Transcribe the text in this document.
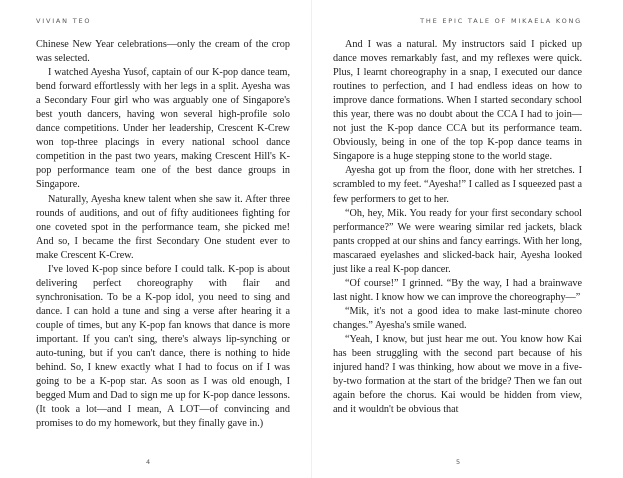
VIVIAN TEO

Chinese New Year celebrations—only the cream of the crop was selected.

I watched Ayesha Yusof, captain of our K-pop dance team, bend forward effortlessly with her legs in a split. Ayesha was a Secondary Four girl who was arguably one of Singapore's best youth dancers, having won several high-profile solo dance competitions. Under her leadership, Crescent K-Crew won top-three placings in every national school dance competition in the past two years, making Crescent Hill's K-pop performance team one of the best dance groups in Singapore.

Naturally, Ayesha knew talent when she saw it. After three rounds of auditions, and out of fifty auditionees fighting for one coveted spot in the performance team, she picked me! And so, I became the first Secondary One student ever to make Crescent K-Crew.

I've loved K-pop since before I could talk. K-pop is about delivering perfect choreography with flair and synchronisation. To be a K-pop idol, you need to sing and dance. I can hold a tune and sing a verse after hearing it a couple of times, but any K-pop fan knows that dance is more important. If you can't sing, there's always lip-synching or auto-tuning, but if you can't dance, there is nothing to hide behind. So, I knew exactly what I had to focus on if I was going to be a K-pop star. As soon as I was old enough, I begged Mum and Dad to sign me up for K-pop dance lessons. (It took a lot—and I mean, A LOT—of convincing and promises to do my homework, but they finally gave in.)

4
THE EPIC TALE OF MIKAELA KONG

And I was a natural. My instructors said I picked up dance moves remarkably fast, and my reflexes were quick. Plus, I learnt choreography in a snap, I executed our dance routines to perfection, and I had endless ideas on how to improve dance formations. When I started secondary school this year, there was no doubt about the CCA I had to join—not just the K-pop dance CCA but its performance team. Obviously, being in one of the top K-pop dance teams in Singapore is a huge stepping stone to the world stage.

Ayesha got up from the floor, done with her stretches. I scrambled to my feet. “Ayesha!” I called as I squeezed past a few performers to get to her.

“Oh, hey, Mik. You ready for your first secondary school performance?” We were wearing similar red jackets, black pants cropped at our shins and fancy earrings. With her long, mascaraed eyelashes and slicked-back hair, Ayesha looked just like a real K-pop dancer.

“Of course!” I grinned. “By the way, I had a brainwave last night. I know how we can improve the choreography—”

“Mik, it's not a good idea to make last-minute choreo changes.” Ayesha's smile waned.

“Yeah, I know, but just hear me out. You know how Kai has been struggling with the second part because of his injured hand? I was thinking, how about we move in a five-by-two formation at the start of the bridge? Then we fan out again before the chorus. Kai would be hidden from view, and it wouldn't be obvious that

5
